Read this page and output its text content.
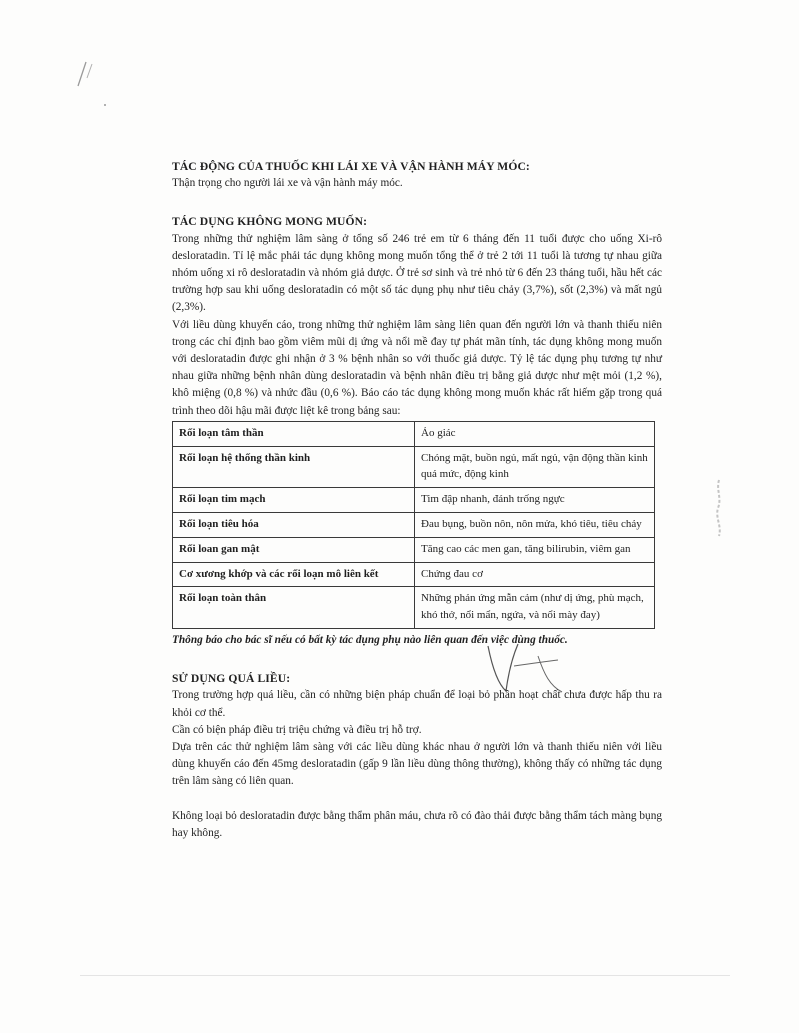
TÁC ĐỘNG CỦA THUỐC KHI LÁI XE VÀ VẬN HÀNH MÁY MÓC:

Thận trọng cho người lái xe và vận hành máy móc.

TÁC DỤNG KHÔNG MONG MUỐN:

Trong những thử nghiệm lâm sàng ở tổng số 246 trẻ em từ 6 tháng đến 11 tuổi được cho uống Xi-rô desloratadin. Tỉ lệ mắc phải tác dụng không mong muốn tổng thể ở trẻ 2 tới 11 tuổi là tương tự nhau giữa nhóm uống xi rô desloratadin và nhóm giả dược. Ở trẻ sơ sinh và trẻ nhỏ từ 6 đến 23 tháng tuổi, hầu hết các trường hợp sau khi uống desloratadin có một số tác dụng phụ như tiêu chảy (3,7%), sốt (2,3%) và mất ngủ (2,3%).

Với liều dùng khuyến cáo, trong những thử nghiệm lâm sàng liên quan đến người lớn và thanh thiếu niên trong các chỉ định bao gồm viêm mũi dị ứng và nổi mề đay tự phát mãn tính, tác dụng không mong muốn với desloratadin được ghi nhận ở 3 % bệnh nhân so với thuốc giả dược. Tỷ lệ tác dụng phụ tương tự như nhau giữa những bệnh nhân dùng desloratadin và bệnh nhân điều trị bằng giả dược như mệt mỏi (1,2 %), khô miệng (0,8 %) và nhức đầu (0,6 %). Báo cáo tác dụng không mong muốn khác rất hiếm gặp trong quá trình theo dõi hậu mãi được liệt kê trong bảng sau:

Rối loạn tâm thần	Ảo giác
Rối loạn hệ thống thần kinh	Chóng mặt, buồn ngủ, mất ngủ, vận động thần kinh quá mức, động kinh
Rối loạn tim mạch	Tim đập nhanh, đánh trống ngực
Rối loạn tiêu hóa	Đau bụng, buồn nôn, nôn mửa, khó tiêu, tiêu chảy
Rối loan gan mật	Tăng cao các men gan, tăng bilirubin, viêm gan
Cơ xương khớp và các rối loạn mô liên kết	Chứng đau cơ
Rối loạn toàn thân	Những phản ứng mẫn cảm (như dị ứng, phù mạch, khó thở, nổi mẩn, ngứa, và nổi mày đay)

Thông báo cho bác sĩ nếu có bất kỳ tác dụng phụ nào liên quan đến việc dùng thuốc.

SỬ DỤNG QUÁ LIỀU:

Trong trường hợp quá liều, cần có những biện pháp chuẩn để loại bỏ phần hoạt chất chưa được hấp thu ra khỏi cơ thể.

Cần có biện pháp điều trị triệu chứng và điều trị hỗ trợ.

Dựa trên các thử nghiệm lâm sàng với các liều dùng khác nhau ở người lớn và thanh thiếu niên với liều dùng khuyến cáo đến 45mg desloratadin (gấp 9 lần liều dùng thông thường), không thấy có những tác dụng trên lâm sàng có liên quan.

Không loại bỏ desloratadin được bằng thẩm phân máu, chưa rõ có đào thải được bằng thẩm tách màng bụng hay không.
